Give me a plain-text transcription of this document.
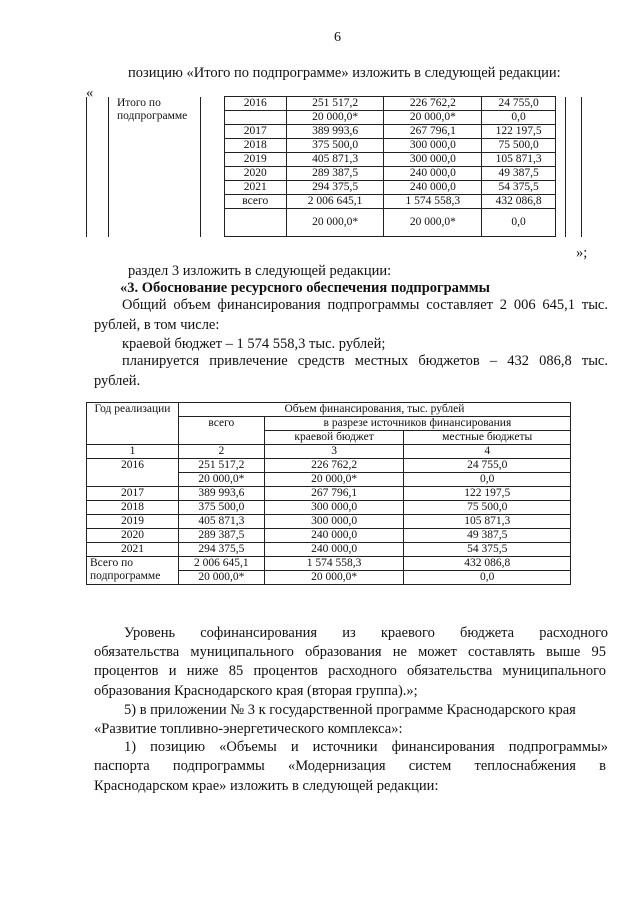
6
позицию «Итого по подпрограмме» изложить в следующей редакции:
«

	Итого по
подпрограмме		2016	251 517,2	226 762,2	24 755,0		
				20 000,0*	20 000,0*	0,0		
			2017	389 993,6	267 796,1	122 197,5		
			2018	375 500,0	300 000,0	75 500,0		
			2019	405 871,3	300 000,0	105 871,3		
			2020	289 387,5	240 000,0	49 387,5		
			2021	294 375,5	240 000,0	54 375,5		
			всего	2 006 645,1	1 574 558,3	432 086,8		
				20 000,0*	20 000,0*	0,0		
»;
раздел 3 изложить в следующей редакции:
«3. Обоснование ресурсного обеспечения подпрограммы
Общий объем финансирования подпрограммы составляет 2 006 645,1 тыс.
рублей, в том числе:
краевой бюджет – 1 574 558,3 тыс. рублей;
планируется привлечение средств местных бюджетов – 432 086,8 тыс.
рублей.
Год реализации	Объем финансирования, тыс. рублей		
	всего	в разрезе источников финансирования	
		краевой бюджет	местные бюджеты
1	2	3	4
2016	251 517,2	226 762,2	24 755,0
	20 000,0*	20 000,0*	0,0
2017	389 993,6	267 796,1	122 197,5
2018	375 500,0	300 000,0	75 500,0
2019	405 871,3	300 000,0	105 871,3
2020	289 387,5	240 000,0	49 387,5
2021	294 375,5	240 000,0	54 375,5

Всего по
подпрограмме	2 006 645,1	1 574 558,3	432 086,8
	20 000,0*	20 000,0*	0,0
Уровень софинансирования из краевого бюджета расходного
обязательства муниципального образования не может составлять выше 95
процентов и ниже 85 процентов расходного обязательства муниципального
образования Краснодарского края (вторая группа).»;
5) в приложении № 3 к государственной программе Краснодарского края
«Развитие топливно-энергетического комплекса»:
1) позицию «Объемы и источники финансирования подпрограммы»
паспорта подпрограммы «Модернизация систем теплоснабжения в
Краснодарском крае» изложить в следующей редакции:
